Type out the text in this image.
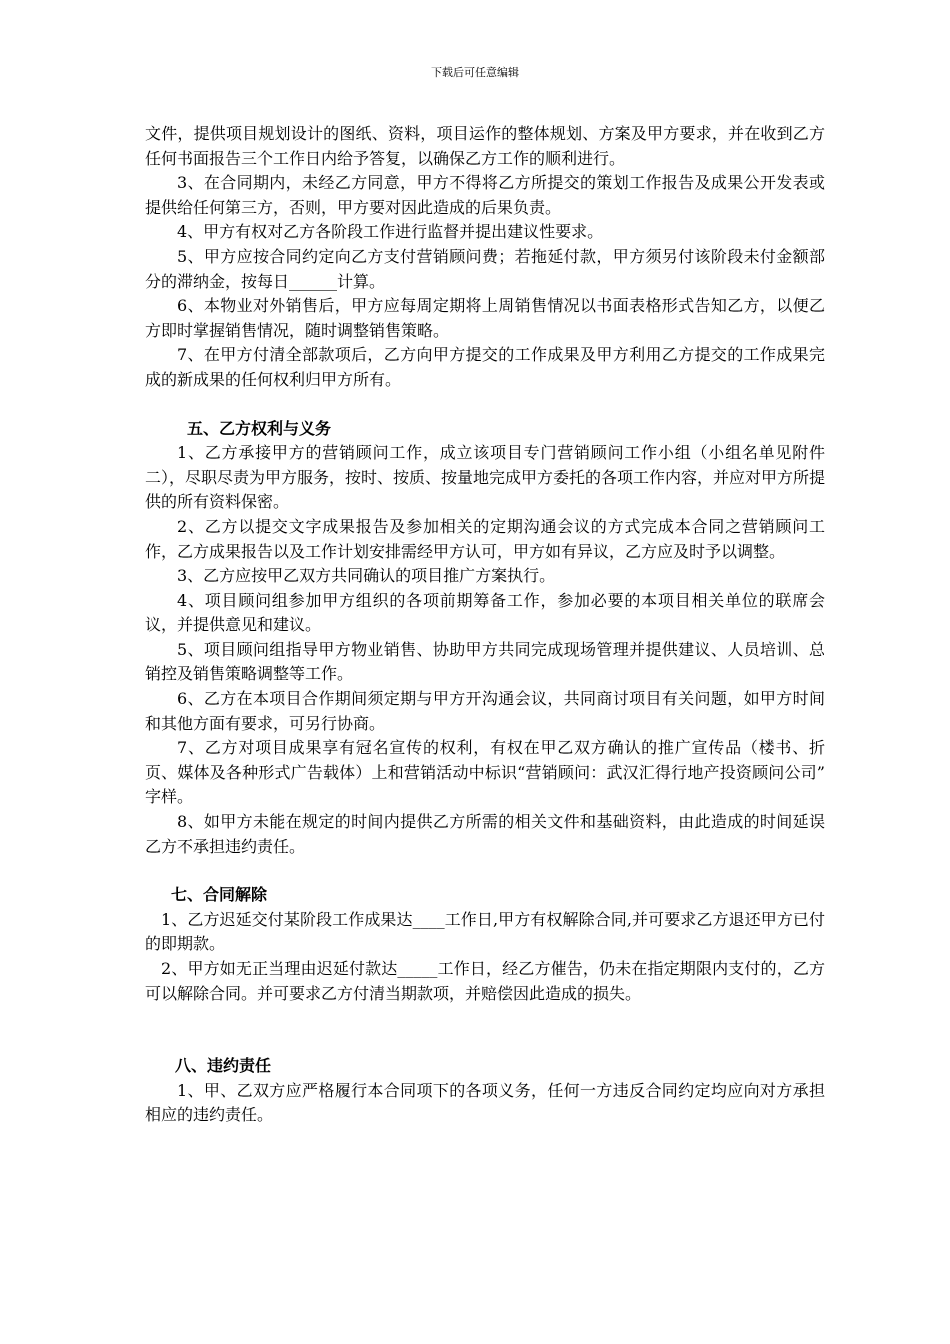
下载后可任意编辑

文件，提供项目规划设计的图纸、资料，项目运作的整体规划、方案及甲方要求，并在收到乙方任何书面报告三个工作日内给予答复，以确保乙方工作的顺利进行。

3、在合同期内，未经乙方同意，甲方不得将乙方所提交的策划工作报告及成果公开发表或提供给任何第三方，否则，甲方要对因此造成的后果负责。

4、甲方有权对乙方各阶段工作进行监督并提出建议性要求。

5、甲方应按合同约定向乙方支付营销顾问费；若拖延付款，甲方须另付该阶段未付金额部分的滞纳金，按每日______计算。

6、本物业对外销售后，甲方应每周定期将上周销售情况以书面表格形式告知乙方，以便乙方即时掌握销售情况，随时调整销售策略。

7、在甲方付清全部款项后，乙方向甲方提交的工作成果及甲方利用乙方提交的工作成果完成的新成果的任何权利归甲方所有。

五、乙方权利与义务

1、乙方承接甲方的营销顾问工作，成立该项目专门营销顾问工作小组（小组名单见附件二），尽职尽责为甲方服务，按时、按质、按量地完成甲方委托的各项工作内容，并应对甲方所提供的所有资料保密。

2、乙方以提交文字成果报告及参加相关的定期沟通会议的方式完成本合同之营销顾问工作，乙方成果报告以及工作计划安排需经甲方认可，甲方如有异议，乙方应及时予以调整。

3、乙方应按甲乙双方共同确认的项目推广方案执行。

4、项目顾问组参加甲方组织的各项前期筹备工作，参加必要的本项目相关单位的联席会议，并提供意见和建议。

5、项目顾问组指导甲方物业销售、协助甲方共同完成现场管理并提供建议、人员培训、总销控及销售策略调整等工作。

6、乙方在本项目合作期间须定期与甲方开沟通会议，共同商讨项目有关问题，如甲方时间和其他方面有要求，可另行协商。

7、乙方对项目成果享有冠名宣传的权利，有权在甲乙双方确认的推广宣传品（楼书、折页、媒体及各种形式广告载体）上和营销活动中标识“营销顾问：武汉汇得行地产投资顾问公司” 字样。

8、如甲方未能在规定的时间内提供乙方所需的相关文件和基础资料，由此造成的时间延误乙方不承担违约责任。

七、合同解除

1、乙方迟延交付某阶段工作成果达____工作日,甲方有权解除合同,并可要求乙方退还甲方已付的即期款。

2、甲方如无正当理由迟延付款达_____工作日，经乙方催告，仍未在指定期限内支付的，乙方可以解除合同。并可要求乙方付清当期款项，并赔偿因此造成的损失。

八、违约责任

1、甲、乙双方应严格履行本合同项下的各项义务，任何一方违反合同约定均应向对方承担相应的违约责任。
